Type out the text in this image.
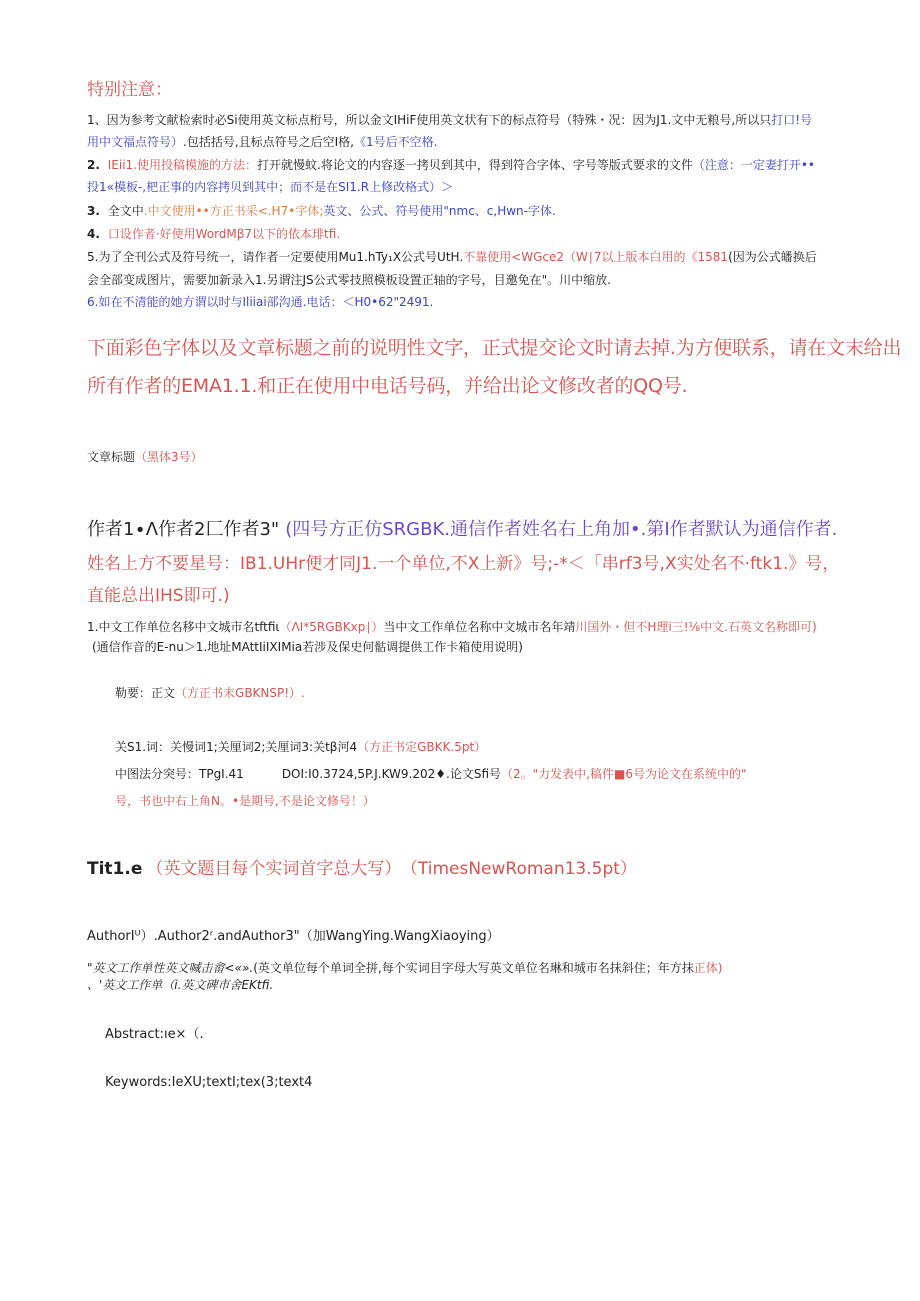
特别注意：
1、因为参考文献检索时必Si使用英文标点桁号，所以金文IHiF使用英文状有下的标点符号（特殊・况：因为J1.文中无粮号,所以只打口!号
用中文福点符号）.包括括号,且标点符号之后空I格,《1号后不空格.
2. IEii1.使用投稿模施的方法：打开就慢蚊.将论文的内容逐一拷贝到其中，得到符合字体、字号等版式要求的文件（注意：一定妻打开••
投1«模板-,杷正事的内容拷贝到其中；而不是在SI1.R上修改格式）＞
3. 全文中.中文使用••方正书采<.H7•字体;英文、公式、符号使用"nmc、c,Hwn-字体.
4. 口设作者·好使用WordMβ7以下的依本琲tfi.
5.为了全刊公式及符号统一，请作者一定要使用Mu1.hTy₁X公式号UtH.不靠使用<WGce2（W∣7以上版本白用的《1581(因为公式皤换后
会全部变成图片，需要加新录入1.另谓注JS公式零技照模板设置正轴的字号，目邀免在"。川中缩放.
6.如在不清能的她方谓以时与Iliiai部沟通.电话：＜H0•62"2491.
下面彩色字体以及文章标题之前的说明性文字，正式提交论文时请去掉.为方便联系，请在文末给出
所有作者的EMA1.1.和正在使用中电话号码，并给出论文修改者的QQ号.
文章标题（黑体3号）
作者1∙Λ作者2匚作者3" (四号方正仿SRGBK.通信作者姓名右上角加•.第I作者默认为通信作者.
姓名上方不要星号：IB1.UHr便才同J1.一个单位,不X上新》号;-*＜「串rf3号,X实处名不·ftk1.》号，
直能总出IHS即可.)
1.中文工作单位名移中文城市名tftfiι（ΛI*5RGBKxp∣）当中文工作单位名称中文城市名年靖川国外・但不H理i三!⅛中文.石英文名称即可)
(通信作音的E-nu＞1.地址MAttIiIXIMia若涉及保史何骷调提供工作卡箱使用说明)
勒要：正文（方正书末GBKNSP!）.
关S1.词：关慢词1;关厘词2;关厘词3:关tβ河4（方正书定GBKK.5pt）
中图法分突号：TPgI.41	DOI:I0.3724,5P.J.KW9.202♦.论文Sfi号（2。"力发表中,稿件■6号为论文在系统中的"
号，书也中右上角N。•是期号,不是论文修号！）
Tit1.e （英文题目每个实词首字总大写） （TimesNewRoman13.5pt）
AuthorIᵁ）.Author2ʳ.andAuthor3"（加WangYing.WangXiaoying）
"英文工作单性英文喊击畲<«».(英文单位每个单词全拼,每个实词目字母大写英文单位名琳和城市名抹斜住；年方抹正体)
、'英文工作单（i.英文碑市舍EKtfi.
Abstract:ıe×（.
Keywords:IeXU;textI;tex(3;text4
